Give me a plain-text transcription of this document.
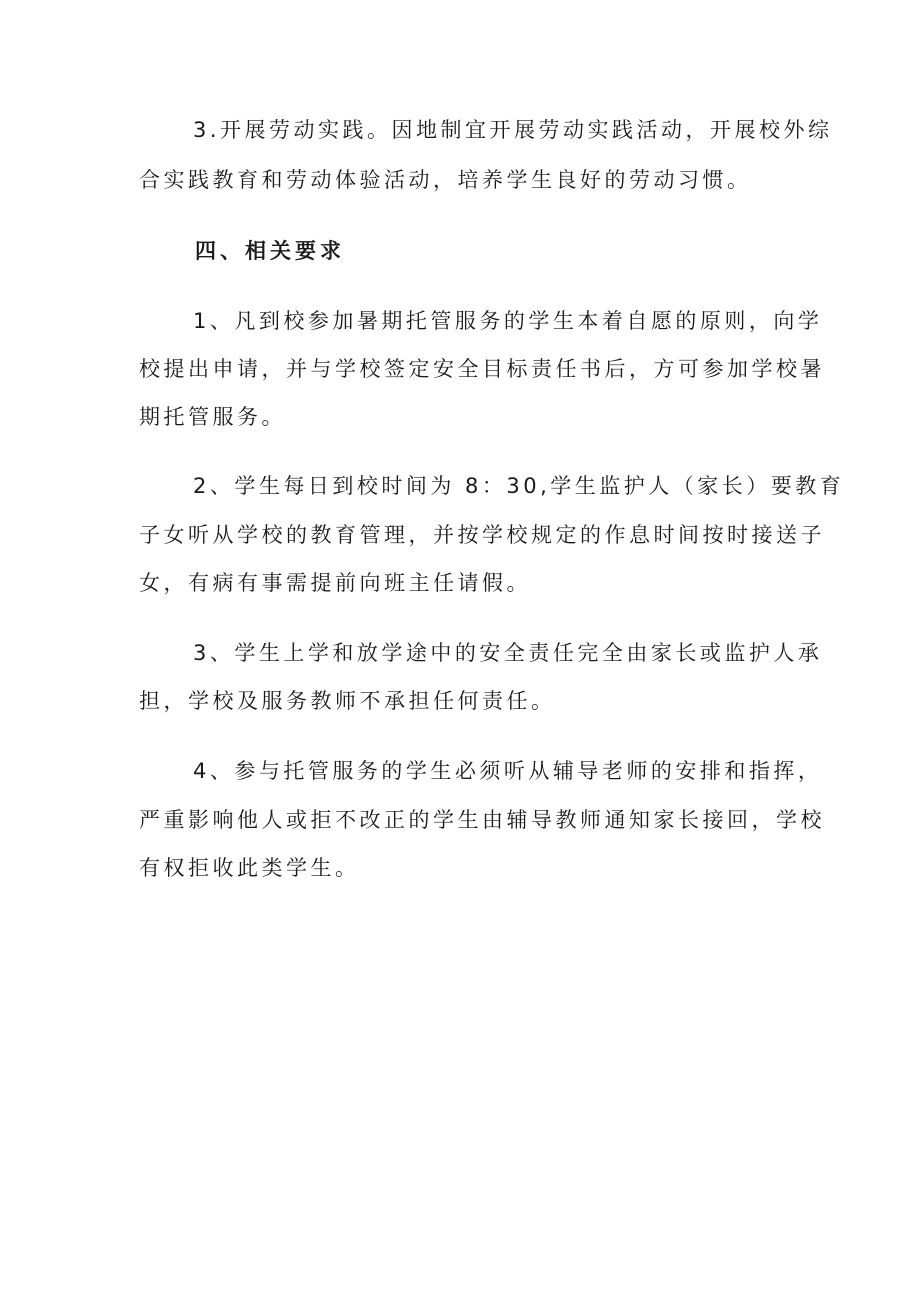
3.开展劳动实践。因地制宜开展劳动实践活动，开展校外综
合实践教育和劳动体验活动，培养学生良好的劳动习惯。
四、相关要求
1、凡到校参加暑期托管服务的学生本着自愿的原则，向学
校提出申请，并与学校签定安全目标责任书后，方可参加学校暑
期托管服务。
2、学生每日到校时间为 8：30,学生监护人（家长）要教育
子女听从学校的教育管理，并按学校规定的作息时间按时接送子
女，有病有事需提前向班主任请假。
3、学生上学和放学途中的安全责任完全由家长或监护人承
担，学校及服务教师不承担任何责任。
4、参与托管服务的学生必须听从辅导老师的安排和指挥，
严重影响他人或拒不改正的学生由辅导教师通知家长接回，学校
有权拒收此类学生。
